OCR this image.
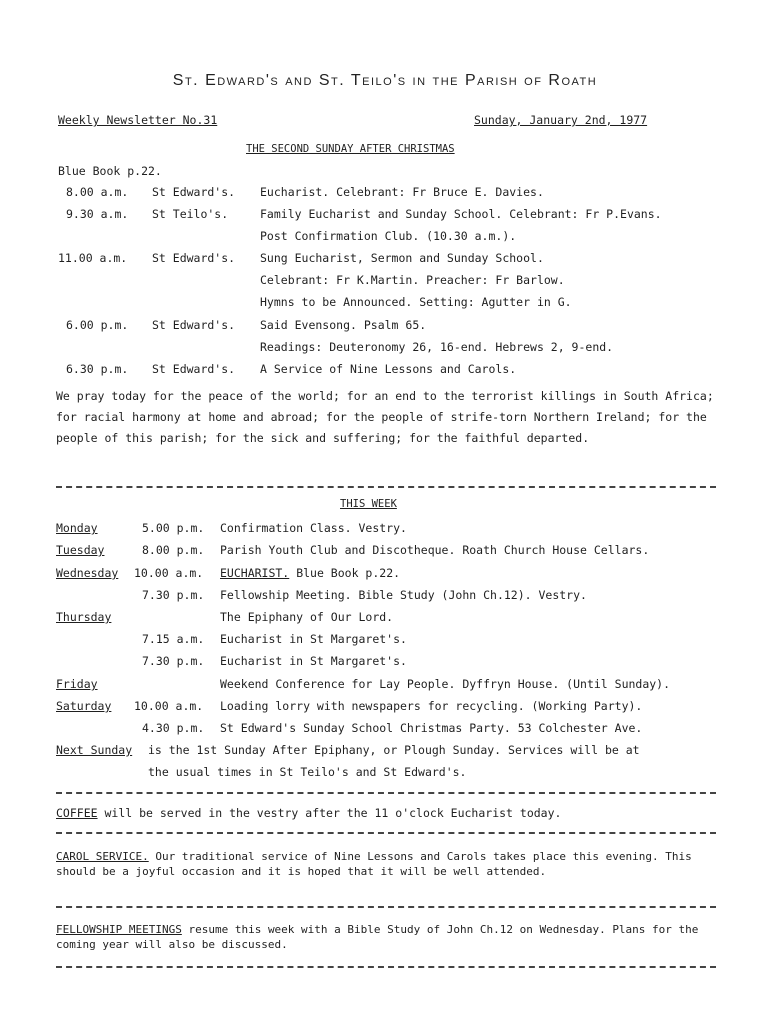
St. Edward's and St. Teilo's in the Parish of Roath
Weekly Newsletter No.31	Sunday, January 2nd, 1977
THE SECOND SUNDAY AFTER CHRISTMAS
Blue Book p.22.
8.00 a.m. St Edward's. Eucharist. Celebrant: Fr Bruce E. Davies.
9.30 a.m. St Teilo's.	Family Eucharist and Sunday School. Celebrant: Fr P.Evans.
Post Confirmation Club. (10.30 a.m.).
11.00 a.m. St Edward's. Sung Eucharist, Sermon and Sunday School.
Celebrant: Fr K.Martin. Preacher: Fr Barlow.
Hymns to be Announced. Setting: Agutter in G.
6.00 p.m. St Edward's. Said Evensong. Psalm 65.
Readings: Deuteronomy 26, 16-end. Hebrews 2, 9-end.
6.30 p.m. St Edward's. A Service of Nine Lessons and Carols.
We pray today for the peace of the world; for an end to the terrorist killings in South Africa; for racial harmony at home and abroad; for the people of strife-torn Northern Ireland; for the people of this parish; for the sick and suffering; for the faithful departed.
THIS WEEK
Monday	5.00 p.m. Confirmation Class. Vestry.
Tuesday	8.00 p.m. Parish Youth Club and Discotheque. Roath Church House Cellars.
Wednesday 10.00 a.m. EUCHARIST. Blue Book p.22.
7.30 p.m. Fellowship Meeting. Bible Study (John Ch.12). Vestry.
Thursday	The Epiphany of Our Lord.
7.15 a.m. Eucharist in St Margaret's.
7.30 p.m. Eucharist in St Margaret's.
Friday	Weekend Conference for Lay People. Dyffryn House. (Until Sunday).
Saturday 10.00 a.m. Loading lorry with newspapers for recycling. (Working Party).
4.30 p.m. St Edward's Sunday School Christmas Party. 53 Colchester Ave.
Next Sunday is the 1st Sunday After Epiphany, or Plough Sunday. Services will be at
the usual times in St Teilo's and St Edward's.
COFFEE will be served in the vestry after the 11 o'clock Eucharist today.
CAROL SERVICE. Our traditional service of Nine Lessons and Carols takes place this evening. This should be a joyful occasion and it is hoped that it will be well attended.
FELLOWSHIP MEETINGS resume this week with a Bible Study of John Ch.12 on Wednesday. Plans for the coming year will also be discussed.
